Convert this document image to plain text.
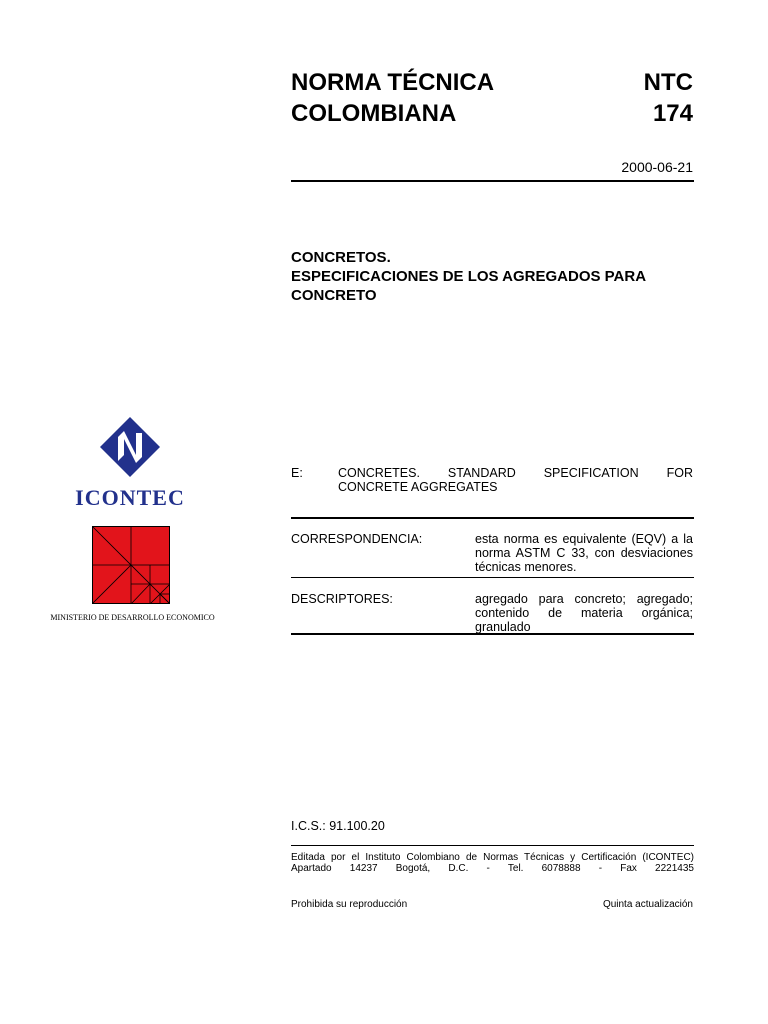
NORMA TÉCNICA
COLOMBIANA
NTC
174
2000-06-21
CONCRETOS.
ESPECIFICACIONES DE LOS AGREGADOS PARA
CONCRETO
ICONTEC
MINISTERIO DE DESARROLLO ECONOMICO
E:	CONCRETES. STANDARD SPECIFICATION FOR CONCRETE AGGREGATES
CORRESPONDENCIA:	esta norma es equivalente (EQV) a la norma ASTM C 33, con desviaciones técnicas menores.
DESCRIPTORES:	agregado para concreto; agregado; contenido de materia orgánica; granulado
I.C.S.: 91.100.20
Editada por el Instituto Colombiano de Normas Técnicas y Certificación (ICONTEC)
Apartado 14237 Bogotá, D.C. - Tel. 6078888 - Fax 2221435
Prohibida su reproducción	Quinta actualización
